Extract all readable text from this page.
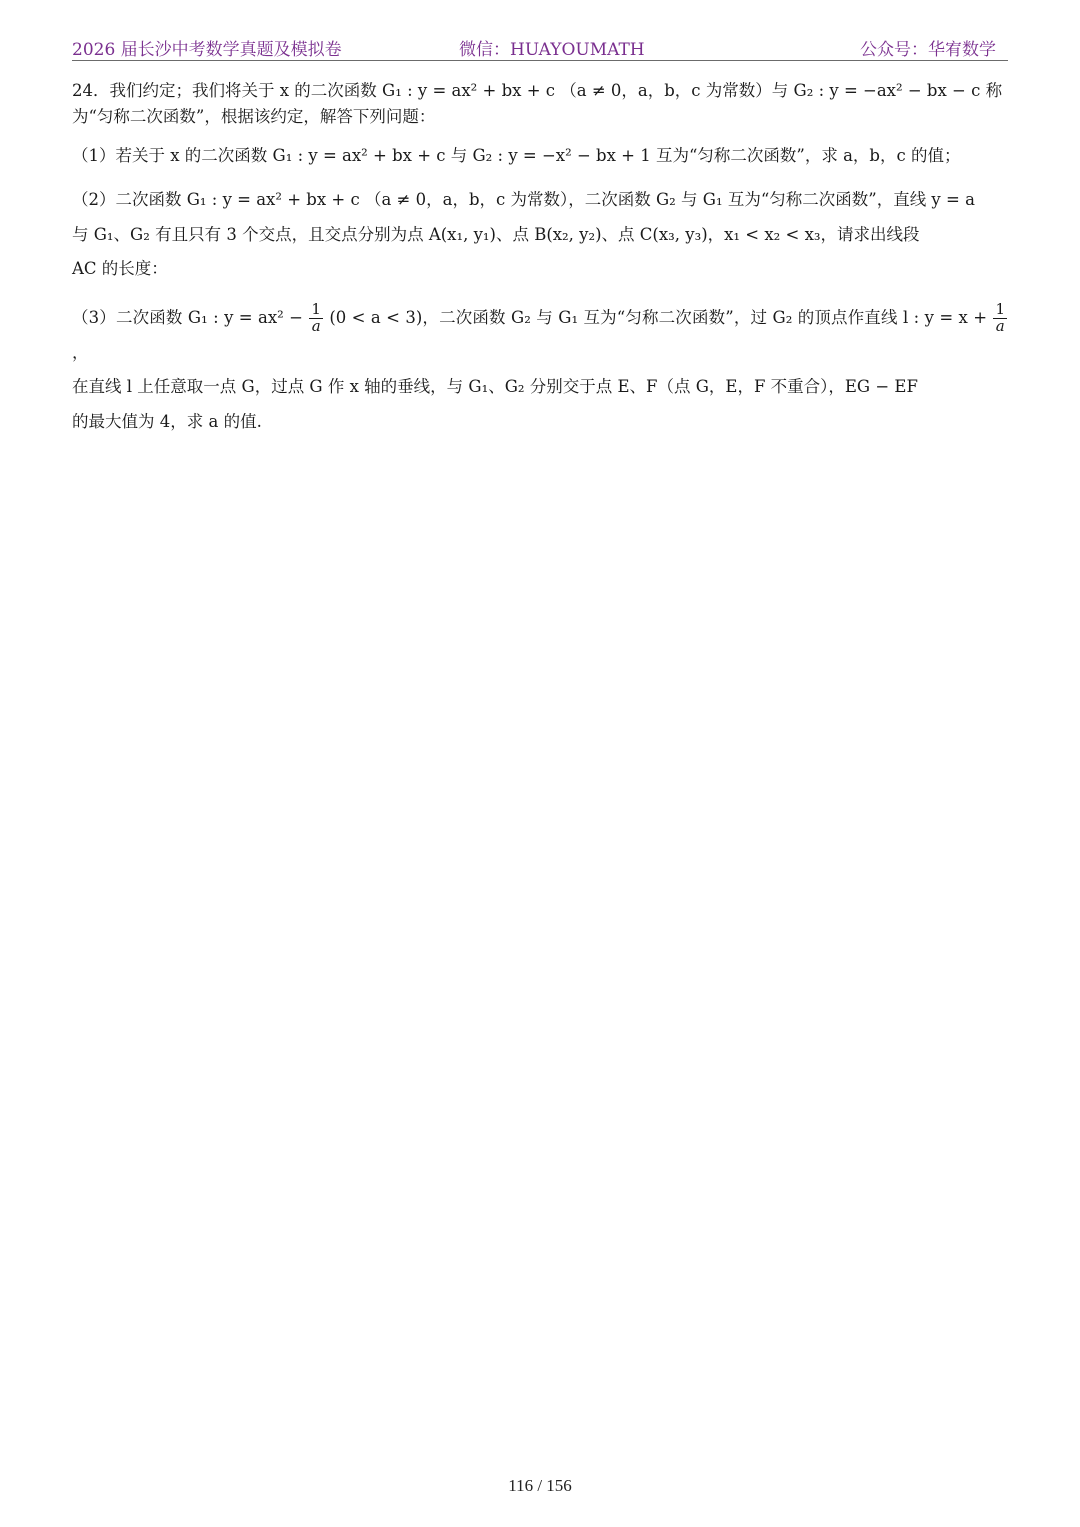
2026 届长沙中考数学真题及模拟卷	微信：HUAYOUMATH	公众号：华宥数学

24．我们约定；我们将关于 x 的二次函数 G₁ : y = ax² + bx + c （a ≠ 0，a，b，c 为常数）与 G₂ : y = −ax² − bx − c 称
为“匀称二次函数”，根据该约定，解答下列问题：

（1）若关于 x 的二次函数 G₁ : y = ax² + bx + c 与 G₂ : y = −x² − bx + 1 互为“匀称二次函数”，求 a，b，c 的值；

（2）二次函数 G₁ : y = ax² + bx + c （a ≠ 0，a，b，c 为常数），二次函数 G₂ 与 G₁ 互为“匀称二次函数”，直线 y = a
与 G₁、G₂ 有且只有 3 个交点，且交点分别为点 A(x₁, y₁)、点 B(x₂, y₂)、点 C(x₃, y₃)，x₁ < x₂ < x₃，请求出线段
AC 的长度：

（3）二次函数 G₁ : $y = ax^2 - \frac{1}{a} (0 < a < 3)$，二次函数 G₂ 与 G₁ 互为“匀称二次函数”，过 G₂ 的顶点作直线 l : $y = x + \frac{1}{a}$
，
在直线 l 上任意取一点 G，过点 G 作 x 轴的垂线，与 G₁、G₂ 分别交于点 E、F（点 G，E，F 不重合），EG − EF
的最大值为 4，求 a 的值.

116 / 156
